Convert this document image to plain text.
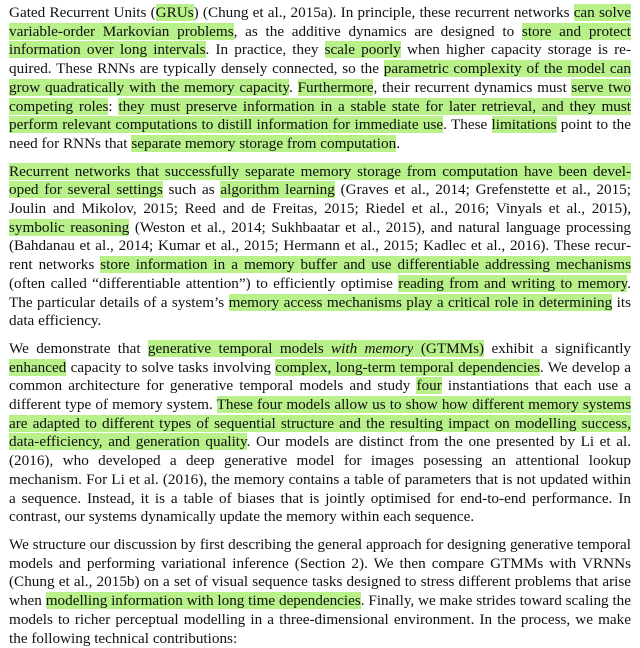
Gated Recurrent Units (GRUs) (Chung et al., 2015a). In principle, these recurrent networks can solve variable-order Markovian problems, as the additive dynamics are designed to store and protect information over long intervals. In practice, they scale poorly when higher capacity storage is required. These RNNs are typically densely connected, so the parametric complexity of the model can grow quadratically with the memory capacity. Furthermore, their recurrent dynamics must serve two competing roles: they must preserve information in a stable state for later retrieval, and they must perform relevant computations to distill information for immediate use. These limitations point to the need for RNNs that separate memory storage from computation.

Recurrent networks that successfully separate memory storage from computation have been developed for several settings such as algorithm learning (Graves et al., 2014; Grefenstette et al., 2015; Joulin and Mikolov, 2015; Reed and de Freitas, 2015; Riedel et al., 2016; Vinyals et al., 2015), symbolic reasoning (Weston et al., 2014; Sukhbaatar et al., 2015), and natural language processing (Bahdanau et al., 2014; Kumar et al., 2015; Hermann et al., 2015; Kadlec et al., 2016). These recurrent networks store information in a memory buffer and use differentiable addressing mechanisms (often called “differentiable attention”) to efficiently optimise reading from and writing to memory. The particular details of a system’s memory access mechanisms play a critical role in determining its data efficiency.

We demonstrate that generative temporal models with memory (GTMMs) exhibit a significantly enhanced capacity to solve tasks involving complex, long-term temporal dependencies. We develop a common architecture for generative temporal models and study four instantiations that each use a different type of memory system. These four models allow us to show how different memory systems are adapted to different types of sequential structure and the resulting impact on modelling success, data-efficiency, and generation quality. Our models are distinct from the one presented by Li et al. (2016), who developed a deep generative model for images posessing an attentional lookup mechanism. For Li et al. (2016), the memory contains a table of parameters that is not updated within a sequence. Instead, it is a table of biases that is jointly optimised for end-to-end performance. In contrast, our systems dynamically update the memory within each sequence.

We structure our discussion by first describing the general approach for designing generative temporal models and performing variational inference (Section 2). We then compare GTMMs with VRNNs (Chung et al., 2015b) on a set of visual sequence tasks designed to stress different problems that arise when modelling information with long time dependencies. Finally, we make strides toward scaling the models to richer perceptual modelling in a three-dimensional environment. In the process, we make the following technical contributions:
